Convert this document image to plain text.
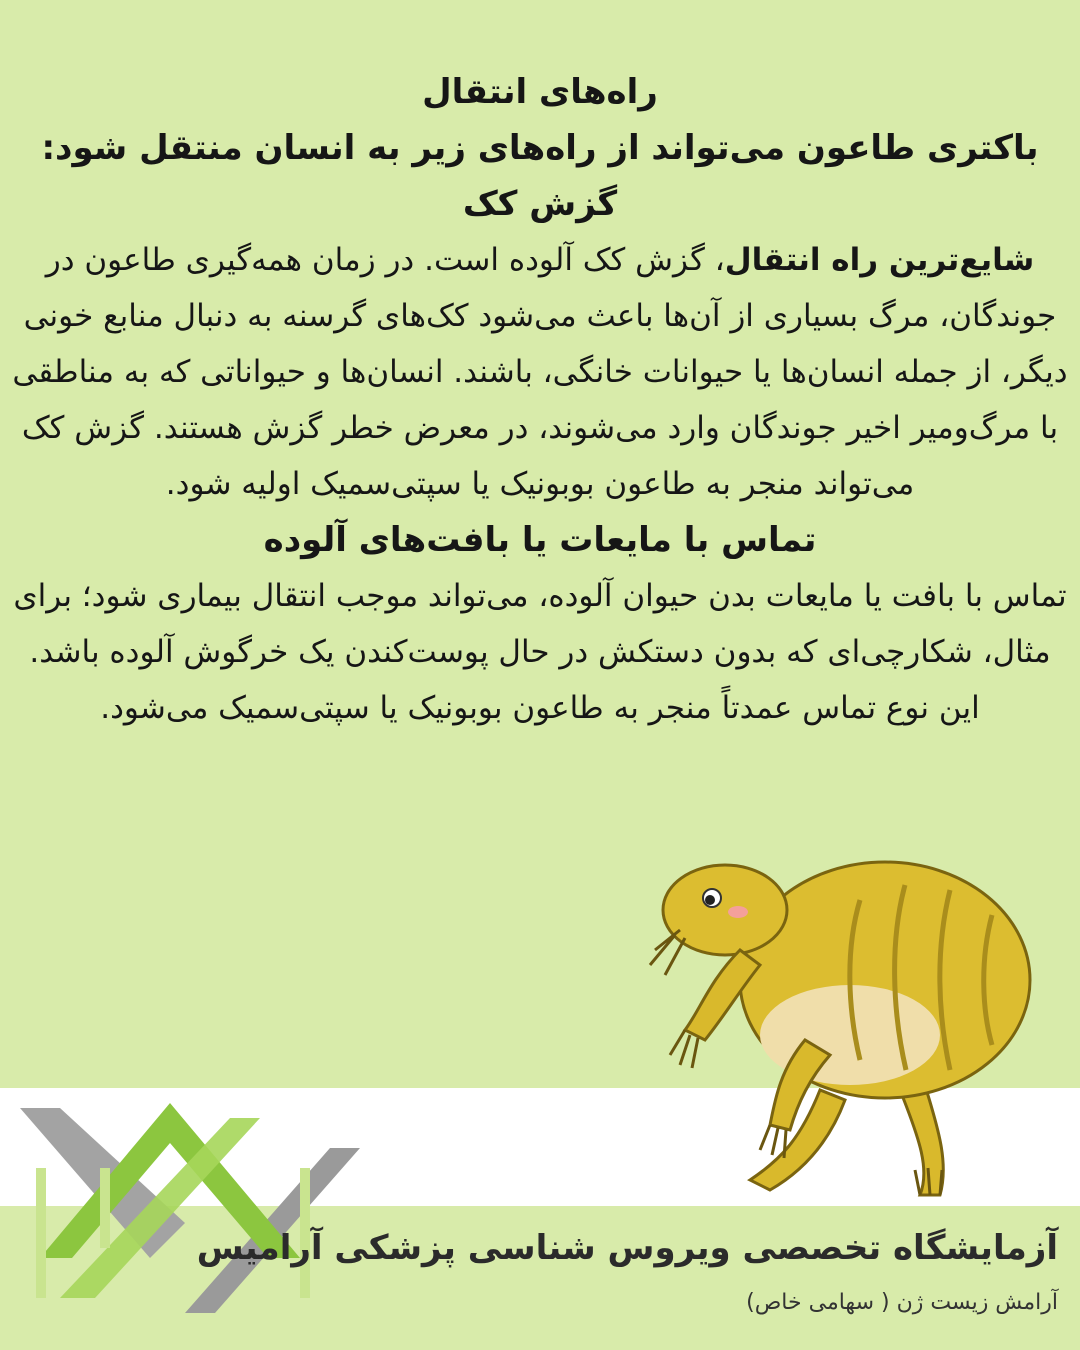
راه‌های انتقال

باکتری طاعون می‌تواند از راه‌های زیر به انسان منتقل شود:

گزش کک

شایع‌ترین راه انتقال، گزش کک آلوده است. در زمان همه‌گیری طاعون در جوندگان، مرگ بسیاری از آن‌ها باعث می‌شود کک‌های گرسنه به دنبال منابع خونی دیگر، از جمله انسان‌ها یا حیوانات خانگی، باشند. انسان‌ها و حیواناتی که به مناطقی با مرگ‌ومیر اخیر جوندگان وارد می‌شوند، در معرض خطر گزش هستند. گزش کک می‌تواند منجر به طاعون بوبونیک یا سپتی‌سمیک اولیه شود.

تماس با مایعات یا بافت‌های آلوده

تماس با بافت یا مایعات بدن حیوان آلوده، می‌تواند موجب انتقال بیماری شود؛ برای مثال، شکارچی‌ای که بدون دستکش در حال پوست‌کندن یک خرگوش آلوده باشد. این نوع تماس عمدتاً منجر به طاعون بوبونیک یا سپتی‌سمیک می‌شود.

آزمایشگاه تخصصی ویروس شناسی پزشکی آرامیس

آرامش زیست ژن ( سهامی خاص)
